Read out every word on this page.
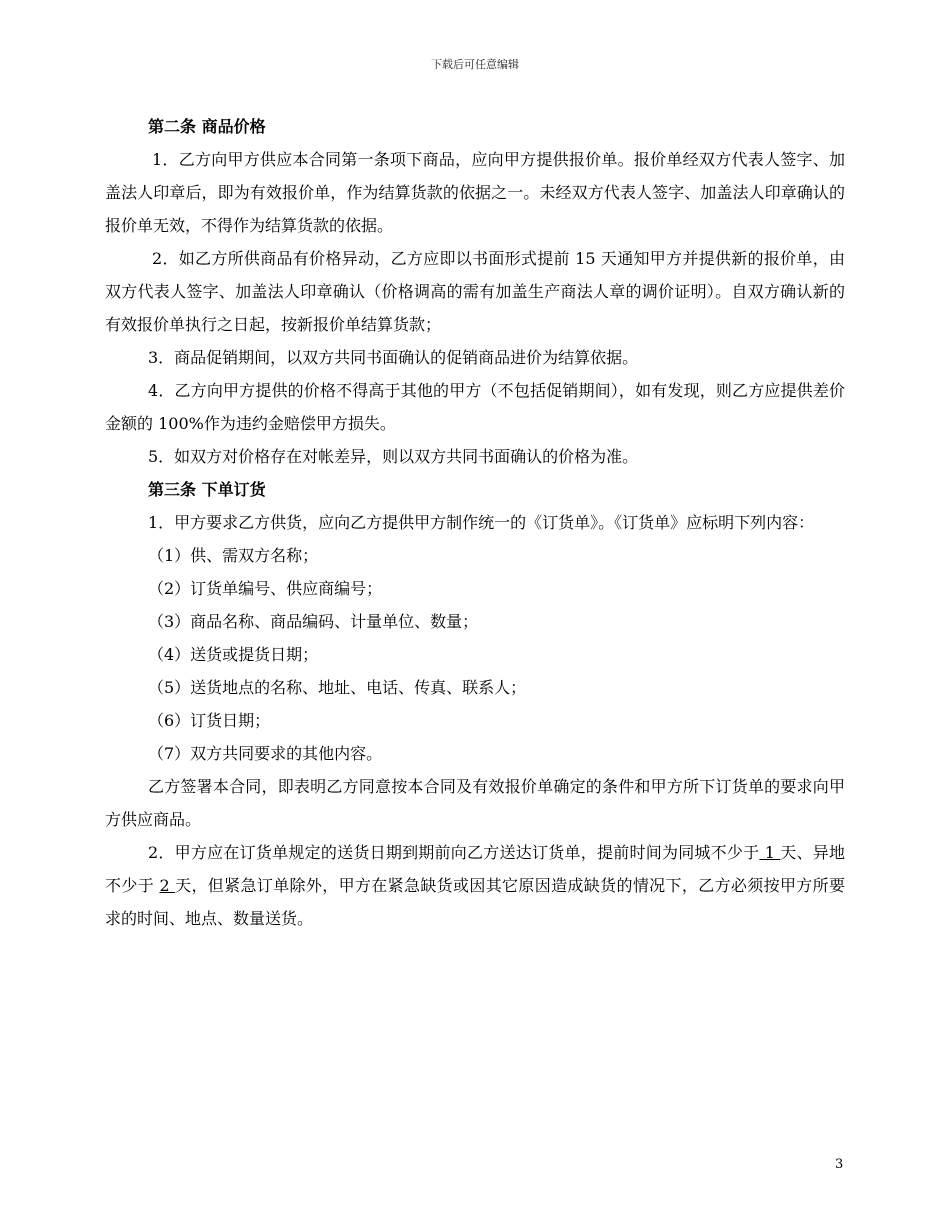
下载后可任意编辑
第二条 商品价格
1．乙方向甲方供应本合同第一条项下商品，应向甲方提供报价单。报价单经双方代表人签字、加盖法人印章后，即为有效报价单，作为结算货款的依据之一。未经双方代表人签字、加盖法人印章确认的报价单无效，不得作为结算货款的依据。
2．如乙方所供商品有价格异动，乙方应即以书面形式提前 15 天通知甲方并提供新的报价单，由双方代表人签字、加盖法人印章确认（价格调高的需有加盖生产商法人章的调价证明）。自双方确认新的有效报价单执行之日起，按新报价单结算货款；
3．商品促销期间，以双方共同书面确认的促销商品进价为结算依据。
4．乙方向甲方提供的价格不得高于其他的甲方（不包括促销期间），如有发现，则乙方应提供差价金额的 100%作为违约金赔偿甲方损失。
5．如双方对价格存在对帐差异，则以双方共同书面确认的价格为准。
第三条 下单订货
1．甲方要求乙方供货，应向乙方提供甲方制作统一的《订货单》。《订货单》应标明下列内容：
（1）供、需双方名称；
（2）订货单编号、供应商编号；
（3）商品名称、商品编码、计量单位、数量；
（4）送货或提货日期；
（5）送货地点的名称、地址、电话、传真、联系人；
（6）订货日期；
（7）双方共同要求的其他内容。
乙方签署本合同，即表明乙方同意按本合同及有效报价单确定的条件和甲方所下订货单的要求向甲方供应商品。
2．甲方应在订货单规定的送货日期到期前向乙方送达订货单，提前时间为同城不少于 1 天、异地不少于 2 天，但紧急订单除外，甲方在紧急缺货或因其它原因造成缺货的情况下，乙方必须按甲方所要求的时间、地点、数量送货。
3
